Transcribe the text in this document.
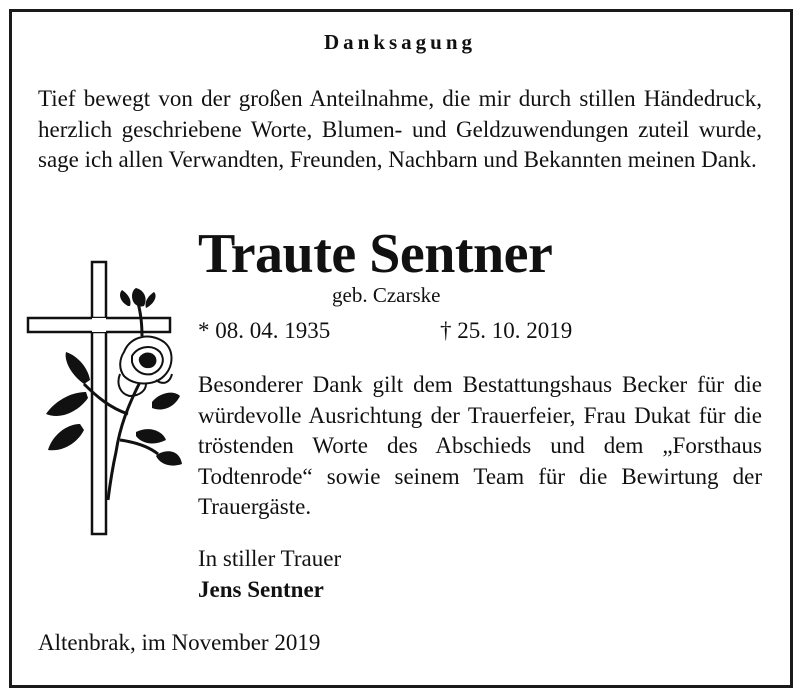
Danksagung
Tief bewegt von der großen Anteilnahme, die mir durch stillen Händedruck, herzlich geschriebene Worte, Blumen- und Geldzuwendungen zuteil wurde, sage ich allen Verwandten, Freunden, Nachbarn und Bekannten meinen Dank.
Traute Sentner
geb. Czarske
* 08. 04. 1935	† 25. 10. 2019
Besonderer Dank gilt dem Bestattungshaus Becker für die würdevolle Ausrichtung der Trauerfeier, Frau Dukat für die tröstenden Worte des Abschieds und dem „Forsthaus Todtenrode“ sowie seinem Team für die Bewirtung der Trauergäste.
In stiller Trauer
Jens Sentner
Altenbrak, im November 2019
